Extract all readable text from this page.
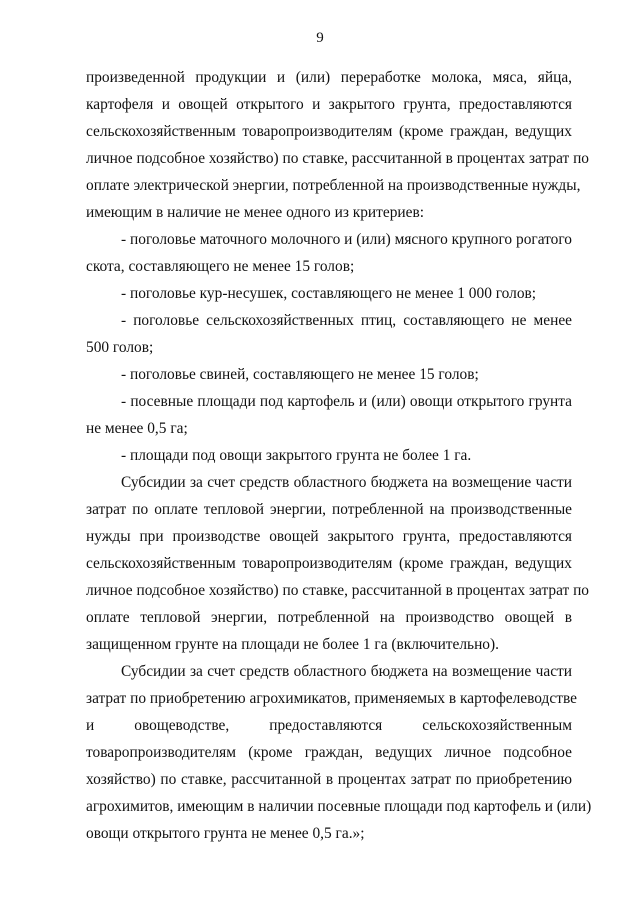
9
произведенной продукции и (или) переработке молока, мяса, яйца,
картофеля и овощей открытого и закрытого грунта, предоставляются
сельскохозяйственным товаропроизводителям (кроме граждан, ведущих
личное подсобное хозяйство) по ставке, рассчитанной в процентах затрат по
оплате электрической энергии, потребленной на производственные нужды,
имеющим в наличие не менее одного из критериев:
- поголовье маточного молочного и (или) мясного крупного рогатого
скота, составляющего не менее 15 голов;
- поголовье кур-несушек, составляющего не менее 1 000 голов;
- поголовье сельскохозяйственных птиц, составляющего не менее
500 голов;
- поголовье свиней, составляющего не менее 15 голов;
- посевные площади под картофель и (или) овощи открытого грунта
не менее 0,5 га;
- площади под овощи закрытого грунта не более 1 га.
Субсидии за счет средств областного бюджета на возмещение части
затрат по оплате тепловой энергии, потребленной на производственные
нужды при производстве овощей закрытого грунта, предоставляются
сельскохозяйственным товаропроизводителям (кроме граждан, ведущих
личное подсобное хозяйство) по ставке, рассчитанной в процентах затрат по
оплате тепловой энергии, потребленной на производство овощей в
защищенном грунте на площади не более 1 га (включительно).
Субсидии за счет средств областного бюджета на возмещение части
затрат по приобретению агрохимикатов, применяемых в картофелеводстве
и овощеводстве, предоставляются сельскохозяйственным
товаропроизводителям (кроме граждан, ведущих личное подсобное
хозяйство) по ставке, рассчитанной в процентах затрат по приобретению
агрохимитов, имеющим в наличии посевные площади под картофель и (или)
овощи открытого грунта не менее 0,5 га.»;
